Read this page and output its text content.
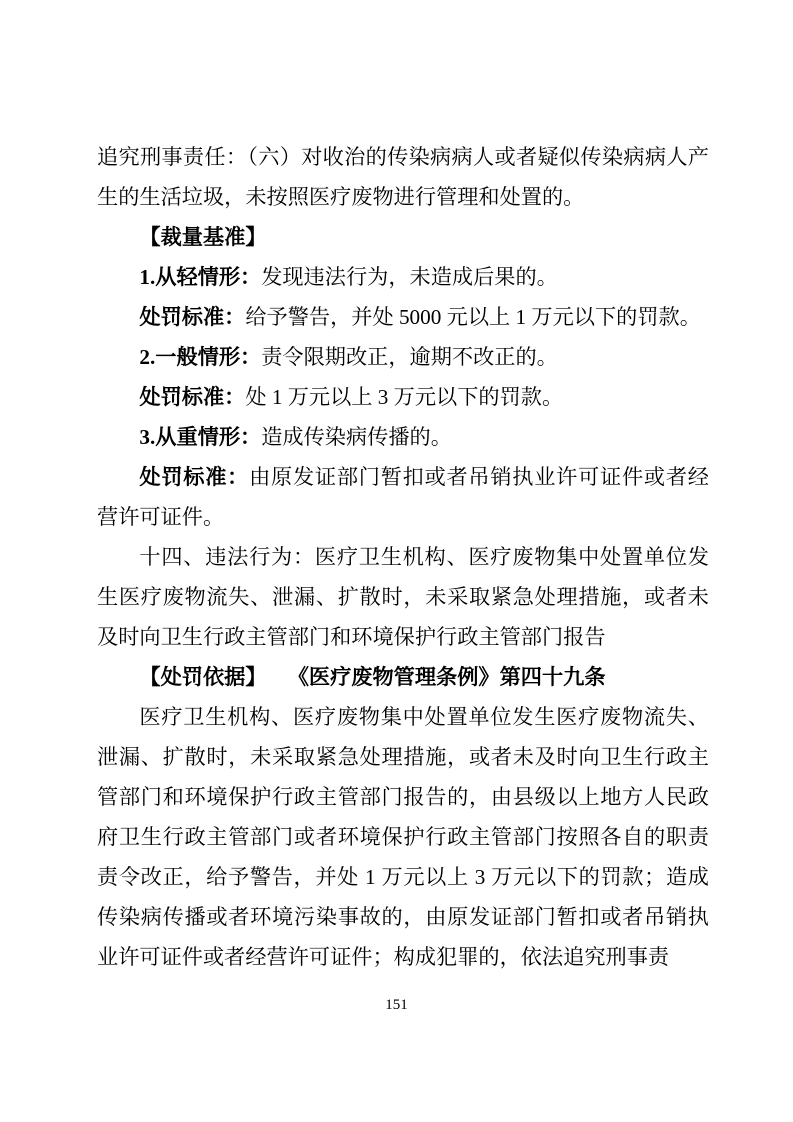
追究刑事责任：（六）对收治的传染病病人或者疑似传染病病人产生的生活垃圾，未按照医疗废物进行管理和处置的。

【裁量基准】

1.从轻情形：发现违法行为，未造成后果的。

处罚标准：给予警告，并处 5000 元以上 1 万元以下的罚款。

2.一般情形：责令限期改正，逾期不改正的。

处罚标准：处 1 万元以上 3 万元以下的罚款。

3.从重情形：造成传染病传播的。

处罚标准：由原发证部门暂扣或者吊销执业许可证件或者经营许可证件。

十四、违法行为：医疗卫生机构、医疗废物集中处置单位发生医疗废物流失、泄漏、扩散时，未采取紧急处理措施，或者未及时向卫生行政主管部门和环境保护行政主管部门报告

【处罚依据】　　《医疗废物管理条例》第四十九条

医疗卫生机构、医疗废物集中处置单位发生医疗废物流失、泄漏、扩散时，未采取紧急处理措施，或者未及时向卫生行政主管部门和环境保护行政主管部门报告的，由县级以上地方人民政府卫生行政主管部门或者环境保护行政主管部门按照各自的职责责令改正，给予警告，并处 1 万元以上 3 万元以下的罚款；造成传染病传播或者环境污染事故的，由原发证部门暂扣或者吊销执业许可证件或者经营许可证件；构成犯罪的，依法追究刑事责

151
